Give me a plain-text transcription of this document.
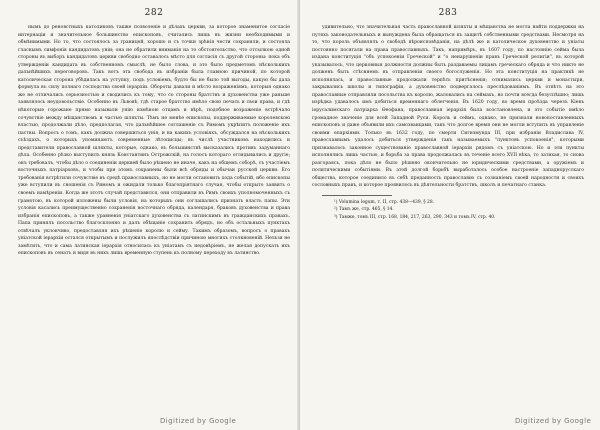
282

нымъ до реновстныхъ католиковъ также позволенiе и дѣлахъ церкви, за которое знаменитое согласiе интернаціи и значительное большинство епископовъ, считались лишь въ жизни необходимыми и обмѣнимыми. Но то, что состоялось за границей, хорошо и съ точки зрѣнія чести сохраняли, и состояла гласнымъ симфонія кандидатовъ унiи; она не обратили вниманія на то обстоятельство, что отсылкою одной стороны въ выборъ кандидатовъ церкви свободно оставалось мѣсто для согласія съ другой стороны: пока объ утвержденiи кандидата въ собственномъ смыслѣ, не было слова, и это было предметомъ нѣсколькихъ дальнѣйшихъ переговоровъ. Такъ вотъ эта свобода въ избраніи была главною причиной, по которой католическая сторона убѣдилась на уступку, подъ условіемъ, будто бы не было той выгоды, какую бы дала формула въ силу полнаго господства своей іерархіи. Обороты давали и мѣсто возраженіямъ, которыя однако же не отличались серьезностью и сводились къ тому, что со стороны братствъ и духовенства уже раньше заявлялось неудовольствіе. Особенно въ Львовѣ, гдѣ старое братство имѣло свою печать и свои права, и гдѣ нѣкоторые горожане прямо называли унію измѣною отцамъ и вѣрѣ, подобное возраженіе встрѣчало сочувствіе между мѣщанствомъ и частью шляхты. Тѣмъ не менѣе епископы, поддерживаемые королевскою властью, продолжали дѣло, предполагая, что дальнѣйшее соглашеніе съ Римомъ укрѣпитъ положеніе ихъ паствы. Вопросъ о томъ, какъ должна совершиться унія, и на какихъ условіяхъ, обсуждался на нѣсколькихъ съѣздахъ, о которыхъ упоминаютъ современные лѣтописцы; въ числѣ участниковъ находились и представители православной шляхты, которые, однако, въ большинствѣ высказались противъ задуманнаго дѣла. Особенно рѣзко выступилъ князь Константинъ Острожскій, на голосъ котораго оглядывались и другіе; онъ требовалъ, чтобы дѣло о соединеніи церквей было рѣшено не иначе, какъ на общемъ соборѣ, съ участіемъ восточныхъ патріарховъ, и чтобы при этомъ сохранены были всѣ обряды и обычаи русской церкви. Его требованія встрѣтили сочувствіе въ средѣ православныхъ, но не могли остановить хода событій, ибо епископы уже вступили въ сношенія съ Римомъ и ожидали только благопріятнаго случая, чтобы открыто заявить о своемъ намѣреніи. Когда же этотъ случай представился, они отправили въ Римъ своихъ уполномоченныхъ съ грамотою, въ которой изложены были условія, на которыхъ они соглашались признать власть папы. Эти условія касались преимущественно сохраненія восточнаго обряда, календаря, браковъ духовенства и права избранія епископовъ, а также уравненія уніатскаго духовенства съ латинскимъ въ гражданскихъ правахъ. Папа принялъ посольство благосклонно и далъ обѣщаніе сохранить обрядъ, но объ остальныхъ пунктахъ отвѣчалъ уклончиво, предоставляя ихъ рѣшеніе королю и сейму. Такимъ образомъ, вопросъ о правахъ уніатской іерархіи остался открытымъ и послужилъ впослѣдствіи причиною многихъ столкновеній. Нельзя не замѣтить, что и сама латинская іерархія относилась къ уніатамъ съ недовѣріемъ, не желая допускать ихъ епископовъ въ сенатъ и видя въ нихъ лишь временную ступень къ полному переходу въ латинство.

283

удивительно, что значительная часть православной шляхты и мѣщанства не могла найти поддержки на путяхъ законодательныхъ и вынуждена была обращаться къ защитѣ собственными средствами. Несмотря на то, что король объявлялъ о свободѣ вѣроисповѣданія, на дѣлѣ же и католическое духовенство и уніаты постоянно посягали на права православныхъ. Такъ, напримѣръ, въ 1607 году, по настоянію сейма была издана конституція "объ успокоеніи Греческой" и "о ненарушеніи правъ Греческой религіи", въ которой указывалось, что церковныя должности должны быть раздаваемы лицамъ греческаго обряда и что никто не долженъ быть стѣсняемъ въ отправленіи своего богослуженія. Но эта конституція на практикѣ не исполнялась, и православные продолжали терпѣть притѣсненія; отнимались церкви и монастыри, закрывались школы и типографіи, а духовенство подвергалось преслѣдованіямъ. Въ отвѣтъ на это православные отправляли посольства къ королю, жаловались на сеймахъ, но почти всегда безуспѣшно; лишь изрѣдка удавалось имъ добиться временнаго облегченія. Въ 1620 году, во время проѣзда черезъ Кіевъ іерусалимскаго патріарха Ѳеофана, православная іерархія была возстановлена, и это событіе имѣло громадное значеніе для всей Западной Руси. Король и сеймъ, однако, не признали новопоставленныхъ епископовъ и даже объявили ихъ самозванцами, такъ что долгое время они не могли вступить въ управленіе своими епархіями. Только въ 1632 году, по смерти Сигизмунда III, при избраніи Владислава IV, православнымъ удалось добиться утвержденія такъ называемыхъ "пунктовъ успокоенія", которыми признавалось законное существованіе православной іерархіи рядомъ съ уніатскою. Но и эти пункты исполнялись лишь частью, и борьба за права продолжалась въ теченіе всего XVII вѣка, то затихая, то снова разгораясь, пока дѣло не было рѣшено окончательно не юридическими средствами, а оружіемъ и политическими событіями. Въ этой долгой борьбѣ выработалось особое настроеніе западнорусскаго общества, которое соединило въ себѣ преданность православію съ сознаніемъ своей народности и своихъ сословныхъ правъ, и которое проявилось въ дѣятельности братствъ, школъ и печатнаго станка.

¹) Volumina legum, т. II, стр. 438—439, § 28.
²) Тамъ же, стр. 465, § 14.
³) Тамже, томъ III, стр. 168, 184, 217, 263, 290, 343 и томъ IV, стр. 40.
Digitized by Google	Digitized by Google
